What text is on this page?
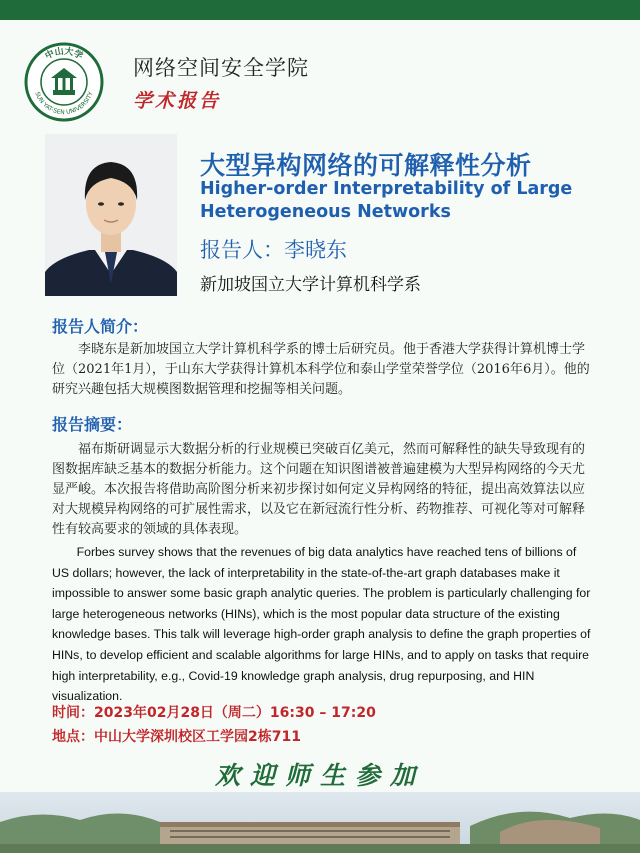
中山大学
SUN YAT-SEN UNIVERSITY
网络空间安全学院
学术报告
大型异构网络的可解释性分析
Higher-order Interpretability of Large Heterogeneous Networks
报告人：李晓东
新加坡国立大学计算机科学系
报告人简介：

李晓东是新加坡国立大学计算机科学系的博士后研究员。他于香港大学获得计算机博士学位（2021年1月），于山东大学获得计算机本科学位和泰山学堂荣誉学位（2016年6月）。他的研究兴趣包括大规模图数据管理和挖掘等相关问题。

报告摘要：

福布斯研调显示大数据分析的行业规模已突破百亿美元，然而可解释性的缺失导致现有的图数据库缺乏基本的数据分析能力。这个问题在知识图谱被普遍建模为大型异构网络的今天尤显严峻。本次报告将借助高阶图分析来初步探讨如何定义异构网络的特征，提出高效算法以应对大规模异构网络的可扩展性需求，以及它在新冠流行性分析、药物推荐、可视化等对可解释性有较高要求的领域的具体表现。

Forbes survey shows that the revenues of big data analytics have reached tens of billions of US dollars; however, the lack of interpretability in the state-of-the-art graph databases make it impossible to answer some basic graph analytic queries. The problem is particularly challenging for large heterogeneous networks (HINs), which is the most popular data structure of the existing knowledge bases. This talk will leverage high-order graph analysis to define the graph properties of HINs, to develop efficient and scalable algorithms for large HINs, and to apply on tasks that require high interpretability, e.g., Covid-19 knowledge graph analysis, drug repurposing, and HIN visualization.

时间：2023年02月28日（周二）16:30 – 17:20
地点：中山大学深圳校区工学园2栋711
欢迎师生参加
